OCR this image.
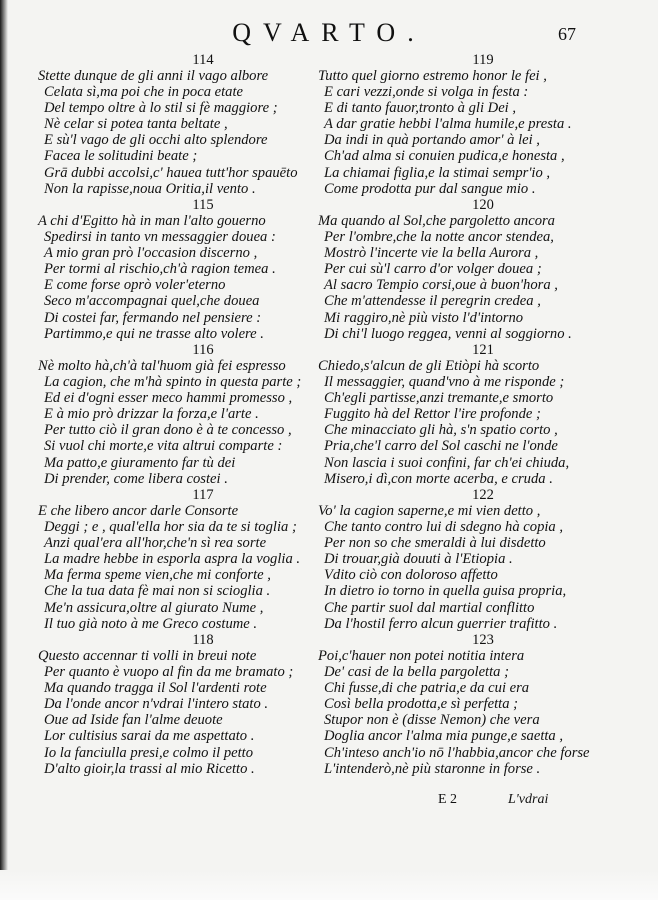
QVARTO.	67
114
Stette dunque de gli anni il vago albore
Celata sì,ma poi che in poca etate
Del tempo oltre à lo stil si fè maggiore ;
Nè celar si potea tanta beltate ,
E sù'l vago de gli occhi alto splendore
Facea le solitudini beate ;
Grā dubbi accolsi,c' hauea tutt'hor spauēto
Non la rapisse,noua Oritia,il vento .
115
A chi d'Egitto hà in man l'alto gouerno
Spedirsi in tanto vn messaggier douea :
A mio gran prò l'occasion discerno ,
Per tormi al rischio,ch'à ragion temea .
E come forse oprò voler'eterno
Seco m'accompagnai quel,che douea
Di costei far, fermando nel pensiere :
Partimmo,e qui ne trasse alto volere .
116
Nè molto hà,ch'à tal'huom già fei espresso
La cagion, che m'hà spinto in questa parte ;
Ed ei d'ogni esser meco hammi promesso ,
E à mio prò drizzar la forza,e l'arte .
Per tutto ciò il gran dono è à te concesso ,
Si vuol chi morte,e vita altrui comparte :
Ma patto,e giuramento far tù dei
Di prender, come libera costei .
117
E che libero ancor darle Consorte
Deggi ; e , qual'ella hor sia da te si toglia ;
Anzi qual'era all'hor,che'n sì rea sorte
La madre hebbe in esporla aspra la voglia .
Ma ferma speme vien,che mi conforte ,
Che la tua data fè mai non si scioglia .
Me'n assicura,oltre al giurato Nume ,
Il tuo già noto à me Greco costume .
118
Questo accennar ti volli in breui note
Per quanto è vuopo al fin da me bramato ;
Ma quando tragga il Sol l'ardenti rote
Da l'onde ancor n'vdrai l'intero stato .
Oue ad Iside fan l'alme deuote
Lor cultisius sarai da me aspettato .
Io la fanciulla presi,e colmo il petto
D'alto gioir,la trassi al mio Ricetto .
119
Tutto quel giorno estremo honor le fei ,
E cari vezzi,onde si volga in festa :
E di tanto fauor,tronto à gli Dei ,
A dar gratie hebbi l'alma humile,e presta .
Da indi in quà portando amor' à lei ,
Ch'ad alma si conuien pudica,e honesta ,
La chiamai figlia,e la stimai sempr'io ,
Come prodotta pur dal sangue mio .
120
Ma quando al Sol,che pargoletto ancora
Per l'ombre,che la notte ancor stendea,
Mostrò l'incerte vie la bella Aurora ,
Per cui sù'l carro d'or volger douea ;
Al sacro Tempio corsi,oue à buon'hora ,
Che m'attendesse il peregrin credea ,
Mi raggiro,nè più visto l'd'intorno
Di chi'l luogo reggea, venni al soggiorno .
121
Chiedo,s'alcun de gli Etiòpi hà scorto
Il messaggier, quand'vno à me risponde ;
Ch'egli partisse,anzi tremante,e smorto
Fuggito hà del Rettor l'ire profonde ;
Che minacciato gli hà, s'n spatio corto ,
Pria,che'l carro del Sol caschi ne l'onde
Non lascia i suoi confini, far ch'ei chiuda,
Misero,i dì,con morte acerba, e cruda .
122
Vo' la cagion saperne,e mi vien detto ,
Che tanto contro lui di sdegno hà copia ,
Per non so che smeraldi à lui disdetto
Di trouar,già douuti à l'Etiopia .
Vdito ciò con doloroso affetto
In dietro io torno in quella guisa propria,
Che partir suol dal martial conflitto
Da l'hostil ferro alcun guerrier trafitto .
123
Poi,c'hauer non potei notitia intera
De' casi de la bella pargoletta ;
Chi fusse,di che patria,e da cui era
Così bella prodotta,e sì perfetta ;
Stupor non è (disse Nemon) che vera
Doglia ancor l'alma mia punge,e saetta ,
Ch'inteso anch'io nō l'habbia,ancor che forse
L'intenderò,nè più staronne in forse .
E 2	L'vdrai
